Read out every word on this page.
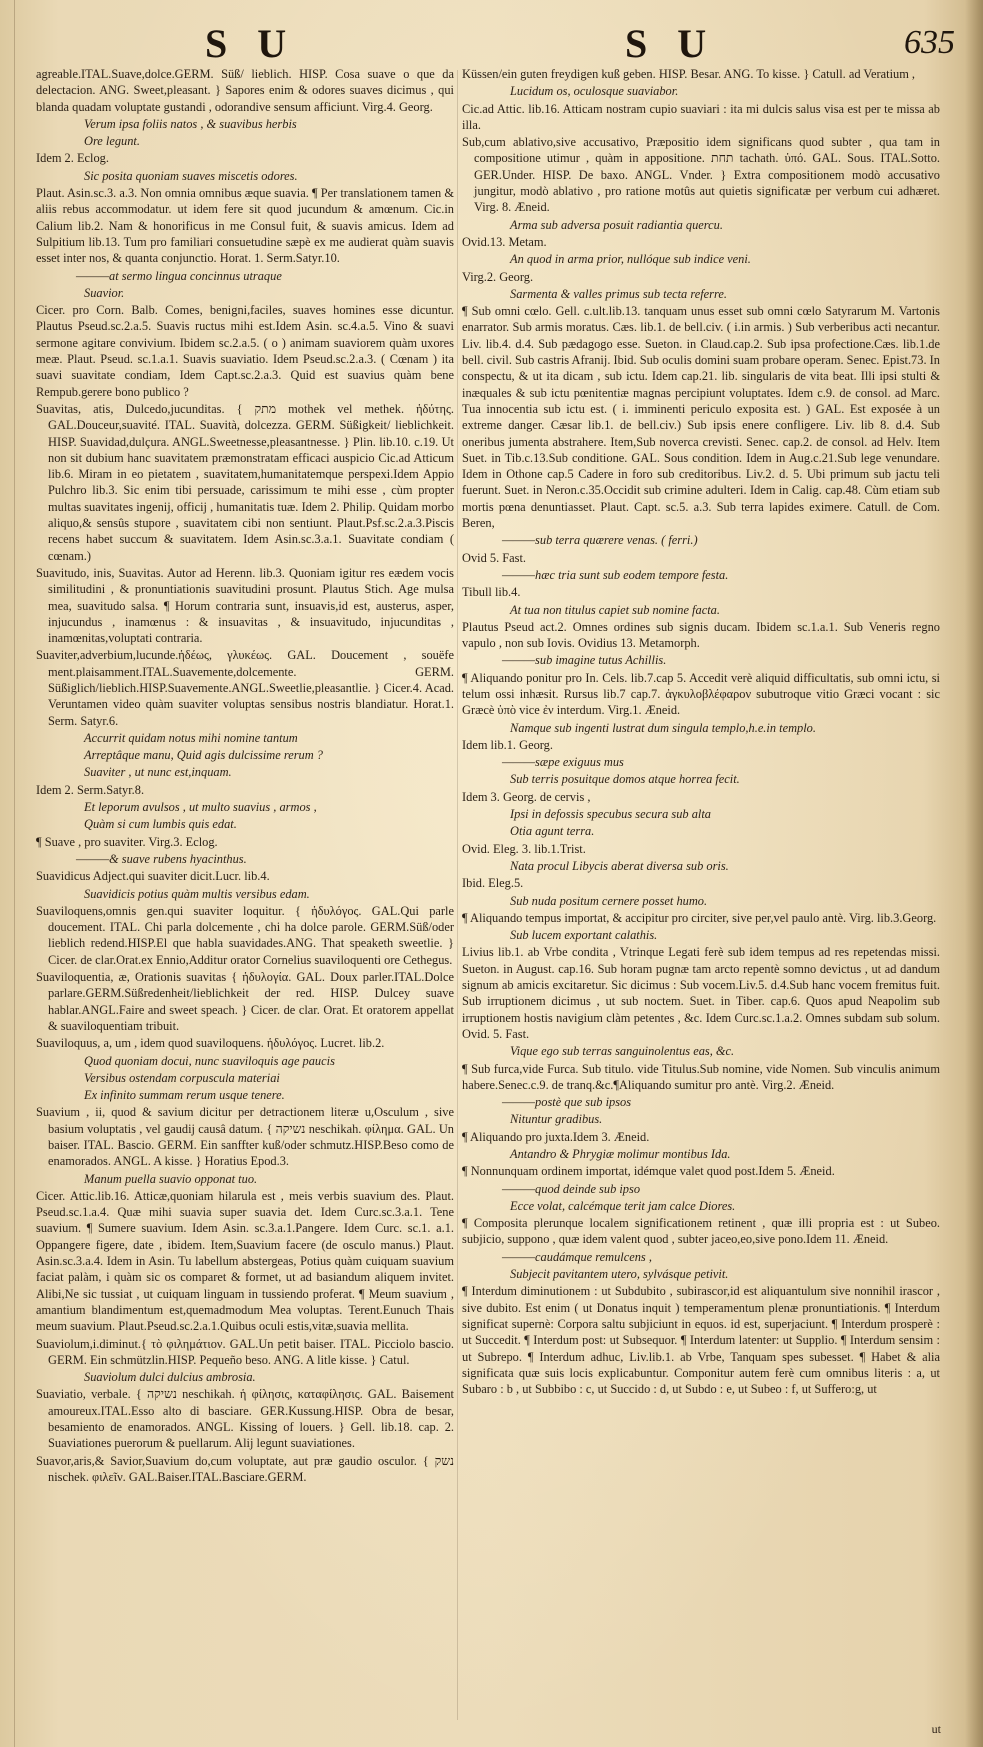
S U	S U	635
agreable.ITAL.Suave,dolce.GERM. Süß/ lieblich. HISP. Cosa suave o que da delectacion. ANG. Sweet,pleasant. } Sapores enim & odores suaves dicimus , qui blanda quadam voluptate gustandi , odorandive sensum afficiunt. Virg.4. Georg.
Verum ipsa foliis natos , & suavibus herbis
Ore legunt.
Idem 2. Eclog.
Sic posita quoniam suaves miscetis odores.
Plaut. Asin.sc.3. a.3. Non omnia omnibus æque suavia. ¶ Per translationem tamen & aliis rebus accommodatur. ut idem fere sit quod jucundum & amœnum. Cic.in Calium lib.2. Nam & honorificus in me Consul fuit, & suavis amicus. Idem ad Sulpitium lib.13. Tum pro familiari consuetudine sæpè ex me audierat quàm suavis esset inter nos, & quanta conjunctio. Horat. 1. Serm.Satyr.10.
———at sermo lingua concinnus utraque
Suavior.
Cicer. pro Corn. Balb. Comes, benigni,faciles, suaves homines esse dicuntur. Plautus Pseud.sc.2.a.5. Suavis ructus mihi est.Idem Asin. sc.4.a.5. Vino & suavi sermone agitare convivium. Ibidem sc.2.a.5. ( o ) animam suaviorem quàm uxores meæ. Plaut. Pseud. sc.1.a.1. Suavis suaviatio. Idem Pseud.sc.2.a.3. ( Cœnam ) ita suavi suavitate condiam, Idem Capt.sc.2.a.3. Quid est suavius quàm bene Rempub.gerere bono publico ?
Suavitas, atis, Dulcedo,jucunditas. { מתק mothek vel methek. ἡδύτης. GAL.Douceur,suavité. ITAL. Suavità, dolcezza. GERM. Süßigkeit/ lieblichkeit. HISP. Suavidad,dulçura. ANGL.Sweetnesse,pleasantnesse. } Plin. lib.10. c.19. Ut non sit dubium hanc suavitatem præmonstratam efficaci auspicio Cic.ad Atticum lib.6. Miram in eo pietatem , suavitatem,humanitatemque perspexi.Idem Appio Pulchro lib.3. Sic enim tibi persuade, carissimum te mihi esse , cùm propter multas suavitates ingenij, officij , humanitatis tuæ. Idem 2. Philip. Quidam morbo aliquo,& sensûs stupore , suavitatem cibi non sentiunt. Plaut.Psf.sc.2.a.3.Piscis recens habet succum & suavitatem. Idem Asin.sc.3.a.1. Suavitate condiam ( cœnam.)
Suavitudo, inis, Suavitas. Autor ad Herenn. lib.3. Quoniam igitur res eædem vocis similitudini , & pronuntiationis suavitudini prosunt. Plautus Stich. Age mulsa mea, suavitudo salsa. ¶ Horum contraria sunt, insuavis,id est, austerus, asper, injucundus , inamœnus : & insuavitas , & insuavitudo, injucunditas , inamœnitas,voluptati contraria.
Suaviter,adverbium,lucunde.ἡδέως, γλυκέως. GAL. Doucement , souëfe ment.plaisamment.ITAL.Suavemente,dolcemente. GERM. Süßiglich/lieblich.HISP.Suavemente.ANGL.Sweetlie,pleasantlie. } Cicer.4. Acad. Veruntamen video quàm suaviter voluptas sensibus nostris blandiatur. Horat.1. Serm. Satyr.6.
Accurrit quidam notus mihi nomine tantum
Arreptâque manu, Quid agis dulcissime rerum ?
Suaviter , ut nunc est,inquam.
Idem 2. Serm.Satyr.8.
Et leporum avulsos , ut multo suavius , armos ,
Quàm si cum lumbis quis edat.
¶ Suave , pro suaviter. Virg.3. Eclog.
———& suave rubens hyacinthus.
Suavidicus Adject.qui suaviter dicit.Lucr. lib.4.
Suavidicis potius quàm multis versibus edam.
Suaviloquens,omnis gen.qui suaviter loquitur. { ἡδυλόγος. GAL.Qui parle doucement. ITAL. Chi parla dolcemente , chi ha dolce parole. GERM.Süß/oder lieblich redend.HISP.El que habla suavidades.ANG. That speaketh sweetlie. } Cicer. de clar.Orat.ex Ennio,Additur orator Cornelius suaviloquenti ore Cethegus.
Suaviloquentia, æ, Orationis suavitas { ἡδυλογία. GAL. Doux parler.ITAL.Dolce parlare.GERM.Süßredenheit/lieblichkeit der red. HISP. Dulcey suave hablar.ANGL.Faire and sweet speach. } Cicer. de clar. Orat. Et oratorem appellat & suaviloquentiam tribuit.
Suaviloquus, a, um , idem quod suaviloquens. ἡδυλόγος. Lucret. lib.2.
Quod quoniam docui, nunc suaviloquis age paucis
Versibus ostendam corpuscula materiai
Ex infinito summam rerum usque tenere.
Suavium , ii, quod & savium dicitur per detractionem literæ u,Osculum , sive basium voluptatis , vel gaudij causâ datum. { נשיקה neschikah. φίλημα. GAL. Un baiser. ITAL. Bascio. GERM. Ein sanffter kuß/oder schmutz.HISP.Beso como de enamorados. ANGL. A kisse. } Horatius Epod.3.
Manum puella suavio opponat tuo.
Cicer. Attic.lib.16. Atticæ,quoniam hilarula est , meis verbis suavium des. Plaut. Pseud.sc.1.a.4. Quæ mihi suavia super suavia det. Idem Curc.sc.3.a.1. Tene suavium. ¶ Sumere suavium. Idem Asin. sc.3.a.1.Pangere. Idem Curc. sc.1. a.1. Oppangere figere, date , ibidem. Item,Suavium facere (de osculo manus.) Plaut. Asin.sc.3.a.4. Idem in Asin. Tu labellum abstergeas, Potius quàm cuiquam suavium faciat palàm, i quàm sic os comparet & formet, ut ad basiandum aliquem invitet. Alibi,Ne sic tussiat , ut cuiquam linguam in tussiendo proferat. ¶ Meum suavium , amantium blandimentum est,quemadmodum Mea voluptas. Terent.Eunuch Thais meum suavium. Plaut.Pseud.sc.2.a.1.Quibus oculi estis,vitæ,suavia mellita.
Suaviolum,i.diminut.{ τὸ φιλημάτιον. GAL.Un petit baiser. ITAL. Picciolo bascio. GERM. Ein schmützlin.HISP. Pequeño beso. ANG. A litle kisse. } Catul.
Suaviolum dulci dulcius ambrosia.
Suaviatio, verbale. { נשיקה neschikah. ἡ φίλησις, καταφίλησις. GAL. Baisement amoureux.ITAL.Esso alto di basciare. GER.Kussung.HISP. Obra de besar, besamiento de enamorados. ANGL. Kissing of louers. } Gell. lib.18. cap. 2. Suaviationes puerorum & puellarum. Alij legunt suaviationes.
Suavor,aris,& Savior,Suavium do,cum voluptate, aut præ gaudio osculor. { נשק nischek. φιλεῖν. GAL.Baiser.ITAL.Basciare.GERM.
Küssen/ein guten freydigen kuß geben. HISP. Besar. ANG. To kisse. } Catull. ad Veratium ,
Lucidum os, oculosque suaviabor.
Cic.ad Attic. lib.16. Atticam nostram cupio suaviari : ita mi dulcis salus visa est per te missa ab illa.
Sub,cum ablativo,sive accusativo, Præpositio idem significans quod subter , qua tam in compositione utimur , quàm in appositione. תחת tachath. ὑπό. GAL. Sous. ITAL.Sotto. GER.Under. HISP. De baxo. ANGL. Vnder. } Extra compositionem modò accusativo jungitur, modò ablativo , pro ratione motûs aut quietis significatæ per verbum cui adhæret. Virg. 8. Æneid.
Arma sub adversa posuit radiantia quercu.
Ovid.13. Metam.
An quod in arma prior, nullóque sub indice veni.
Virg.2. Georg.
Sarmenta & valles primus sub tecta referre.
¶ Sub omni cœlo. Gell. c.ult.lib.13. tanquam unus esset sub omni cœlo Satyrarum M. Vartonis enarrator. Sub armis moratus. Cæs. lib.1. de bell.civ. ( i.in armis. ) Sub verberibus acti necantur. Liv. lib.4. d.4. Sub pædagogo esse. Sueton. in Claud.cap.2. Sub ipsa profectione.Cæs. lib.1.de bell. civil. Sub castris Afranij. Ibid. Sub oculis domini suam probare operam. Senec. Epist.73. In conspectu, & ut ita dicam , sub ictu. Idem cap.21. lib. singularis de vita beat. Illi ipsi stulti & inæquales & sub ictu pœnitentiæ magnas percipiunt voluptates. Idem c.9. de consol. ad Marc. Tua innocentia sub ictu est. ( i. imminenti periculo exposita est. ) GAL. Est exposée à un extreme danger. Cæsar lib.1. de bell.civ.) Sub ipsis enere confligere. Liv. lib 8. d.4. Sub oneribus jumenta abstrahere. Item,Sub noverca crevisti. Senec. cap.2. de consol. ad Helv. Item Suet. in Tib.c.13.Sub conditione. GAL. Sous condition. Idem in Aug.c.21.Sub lege venundare. Idem in Othone cap.5 Cadere in foro sub creditoribus. Liv.2. d. 5. Ubi primum sub jactu teli fuerunt. Suet. in Neron.c.35.Occidit sub crimine adulteri. Idem in Calig. cap.48. Cùm etiam sub mortis pœna denuntiasset. Plaut. Capt. sc.5. a.3. Sub terra lapides eximere. Catull. de Com. Beren,
———sub terra quærere venas. ( ferri.)
Ovid 5. Fast.
———hæc tria sunt sub eodem tempore festa.
Tibull lib.4.
At tua non titulus capiet sub nomine facta.
Plautus Pseud act.2. Omnes ordines sub signis ducam. Ibidem sc.1.a.1. Sub Veneris regno vapulo , non sub Iovis. Ovidius 13. Metamorph.
———sub imagine tutus Achillis.
¶ Aliquando ponitur pro In. Cels. lib.7.cap 5. Accedit verè aliquid difficultatis, sub omni ictu, si telum ossi inhæsit. Rursus lib.7 cap.7. ἀγκυλοβλέφαρον subutroque vitio Græci vocant : sic Græcè ὑπὸ vice ἐν interdum. Virg.1. Æneid.
Namque sub ingenti lustrat dum singula templo,h.e.in templo.
Idem lib.1. Georg.
———sæpe exiguus mus
Sub terris posuitque domos atque horrea fecit.
Idem 3. Georg. de cervis ,
Ipsi in defossis specubus secura sub alta
Otia agunt terra.
Ovid. Eleg. 3. lib.1.Trist.
Nata procul Libycis aberat diversa sub oris.
Ibid. Eleg.5.
Sub nuda positum cernere posset humo.
¶ Aliquando tempus importat, & accipitur pro circiter, sive per,vel paulo antè. Virg. lib.3.Georg.
Sub lucem exportant calathis.
Livius lib.1. ab Vrbe condita , Vtrinque Legati ferè sub idem tempus ad res repetendas missi. Sueton. in August. cap.16. Sub horam pugnæ tam arcto repentè somno devictus , ut ad dandum signum ab amicis excitaretur. Sic dicimus : Sub vocem.Liv.5. d.4.Sub hanc vocem fremitus fuit. Sub irruptionem dicimus , ut sub noctem. Suet. in Tiber. cap.6. Quos apud Neapolim sub irruptionem hostis navigium clàm petentes , &c. Idem Curc.sc.1.a.2. Omnes subdam sub solum. Ovid. 5. Fast.
Vique ego sub terras sanguinolentus eas, &c.
¶ Sub furca,vide Furca. Sub titulo. vide Titulus.Sub nomine, vide Nomen. Sub vinculis animum habere.Senec.c.9. de tranq.&c.¶Aliquando sumitur pro antè. Virg.2. Æneid.
———postè que sub ipsos
Nituntur gradibus.
¶ Aliquando pro juxta.Idem 3. Æneid.
Antandro & Phrygiæ molimur montibus Ida.
¶ Nonnunquam ordinem importat, idémque valet quod post.Idem 5. Æneid.
———quod deinde sub ipso
Ecce volat, calcémque terit jam calce Diores.
¶ Composita plerunque localem significationem retinent , quæ illi propria est : ut Subeo. subjicio, suppono , quæ idem valent quod , subter jaceo,eo,sive pono.Idem 11. Æneid.
———caudámque remulcens ,
Subjecit pavitantem utero, sylvásque petivit.
¶ Interdum diminutionem : ut Subdubito , subirascor,id est aliquantulum sive nonnihil irascor , sive dubito. Est enim ( ut Donatus inquit ) temperamentum plenæ pronuntiationis. ¶ Interdum significat supernè: Corpora saltu subjiciunt in equos. id est, superjaciunt. ¶ Interdum prosperè : ut Succedit. ¶ Interdum post: ut Subsequor. ¶ Interdum latenter: ut Supplio. ¶ Interdum sensim : ut Subrepo. ¶ Interdum adhuc, Liv.lib.1. ab Vrbe, Tanquam spes subesset. ¶ Habet & alia significata quæ suis locis explicabuntur. Componitur autem ferè cum omnibus literis : a, ut Subaro : b , ut Subbibo : c, ut Succido : d, ut Subdo : e, ut Subeo : f, ut Suffero:g, ut
ut
